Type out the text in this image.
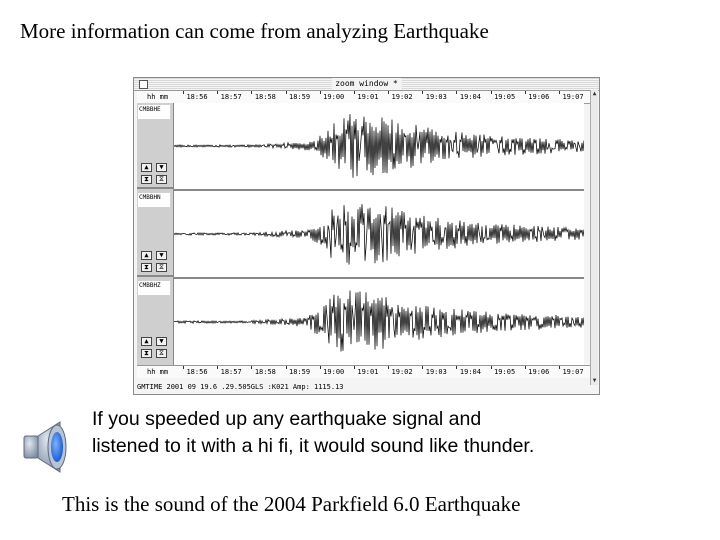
More information can come from analyzing Earthquake
zoom window *
hh mm	18:56 18:57 18:58 18:59 19:00 19:01 19:02 19:03 19:04 19:05 19:06 19:07
CMBBHE
▲	▼
⧗	⧖
CMBBHN
▲	▼
⧗	⧖
CMBBHZ
▲	▼
⧗	⧖
hh mm	18:56 18:57 18:58 18:59 19:00 19:01 19:02 19:03 19:04 19:05 19:06 19:07
GMTIME 2001 09 19.6 .29.505GLS :K021 Amp: 1115.13
▲
▼
If you speeded up any earthquake signal and
listened to it with a hi fi, it would sound like thunder.
This is the sound of the 2004 Parkfield 6.0 Earthquake
